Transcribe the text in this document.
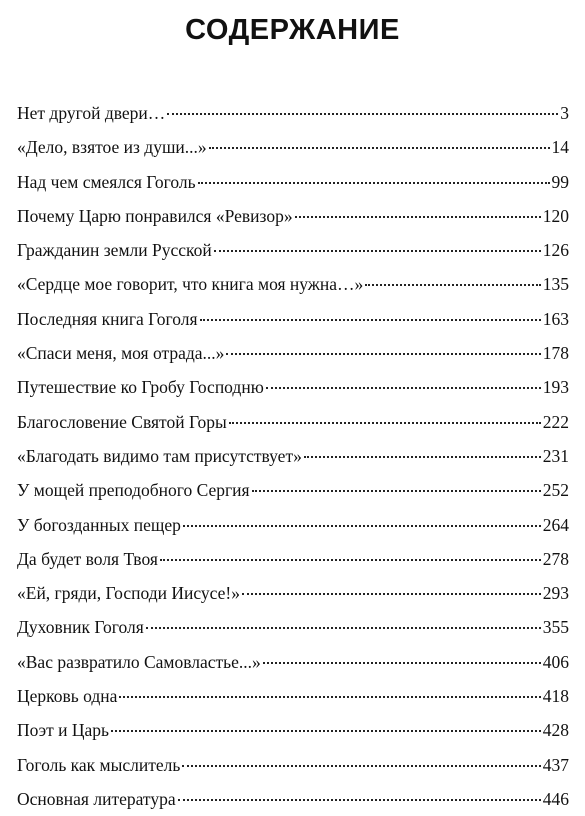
СОДЕРЖАНИЕ
Нет другой двери…	3
«Дело, взятое из души...»	14
Над чем смеялся Гоголь	99
Почему Царю понравился «Ревизор»	120
Гражданин земли Русской	126
«Сердце мое говорит, что книга моя нужна…»	135
Последняя книга Гоголя	163
«Спаси меня, моя отрада...»	178
Путешествие ко Гробу Господню	193
Благословение Святой Горы	222
«Благодать видимо там присутствует»	231
У мощей преподобного Сергия	252
У богозданных пещер	264
Да будет воля Твоя	278
«Ей, гряди, Господи Иисусе!»	293
Духовник Гоголя	355
«Вас развратило Самовластье...»	406
Церковь одна	418
Поэт и Царь	428
Гоголь как мыслитель	437
Основная литература	446
